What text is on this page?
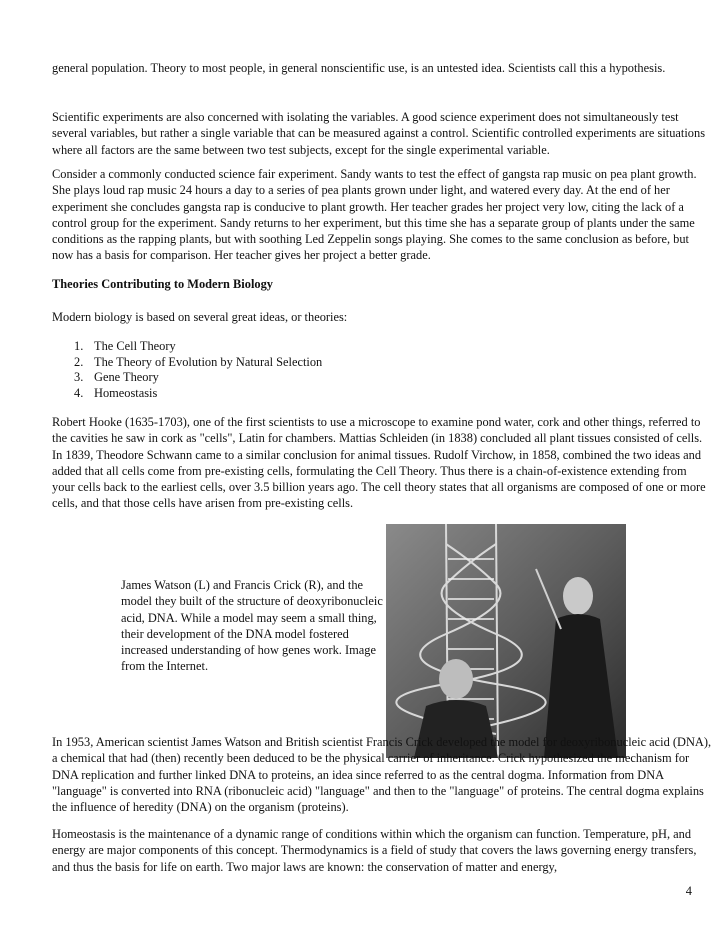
general population. Theory to most people, in general nonscientific use, is an untested idea. Scientists call this a hypothesis.

Scientific experiments are also concerned with isolating the variables. A good science experiment does not simultaneously test several variables, but rather a single variable that can be measured against a control. Scientific controlled experiments are situations where all factors are the same between two test subjects, except for the single experimental variable.

Consider a commonly conducted science fair experiment. Sandy wants to test the effect of gangsta rap music on pea plant growth. She plays loud rap music 24 hours a day to a series of pea plants grown under light, and watered every day. At the end of her experiment she concludes gangsta rap is conducive to plant growth. Her teacher grades her project very low, citing the lack of a control group for the experiment. Sandy returns to her experiment, but this time she has a separate group of plants under the same conditions as the rapping plants, but with soothing Led Zeppelin songs playing. She comes to the same conclusion as before, but now has a basis for comparison. Her teacher gives her project a better grade.

Theories Contributing to Modern Biology

Modern biology is based on several great ideas, or theories:

1. The Cell Theory
2. The Theory of Evolution by Natural Selection
3. Gene Theory
4. Homeostasis

Robert Hooke (1635-1703), one of the first scientists to use a microscope to examine pond water, cork and other things, referred to the cavities he saw in cork as "cells", Latin for chambers. Mattias Schleiden (in 1838) concluded all plant tissues consisted of cells. In 1839, Theodore Schwann came to a similar conclusion for animal tissues. Rudolf Virchow, in 1858, combined the two ideas and added that all cells come from pre-existing cells, formulating the Cell Theory. Thus there is a chain-of-existence extending from your cells back to the earliest cells, over 3.5 billion years ago. The cell theory states that all organisms are composed of one or more cells, and that those cells have arisen from pre-existing cells.

James Watson (L) and Francis Crick (R), and the model they built of the structure of deoxyribonucleic acid, DNA. While a model may seem a small thing, their development of the DNA model fostered increased understanding of how genes work. Image from the Internet.

In 1953, American scientist James Watson and British scientist Francis Crick developed the model for deoxyribonucleic acid (DNA), a chemical that had (then) recently been deduced to be the physical carrier of inheritance. Crick hypothesized the mechanism for DNA replication and further linked DNA to proteins, an idea since referred to as the central dogma. Information from DNA "language" is converted into RNA (ribonucleic acid) "language" and then to the "language" of proteins. The central dogma explains the influence of heredity (DNA) on the organism (proteins).

Homeostasis is the maintenance of a dynamic range of conditions within which the organism can function. Temperature, pH, and energy are major components of this concept. Thermodynamics is a field of study that covers the laws governing energy transfers, and thus the basis for life on earth. Two major laws are known: the conservation of matter and energy,

4
